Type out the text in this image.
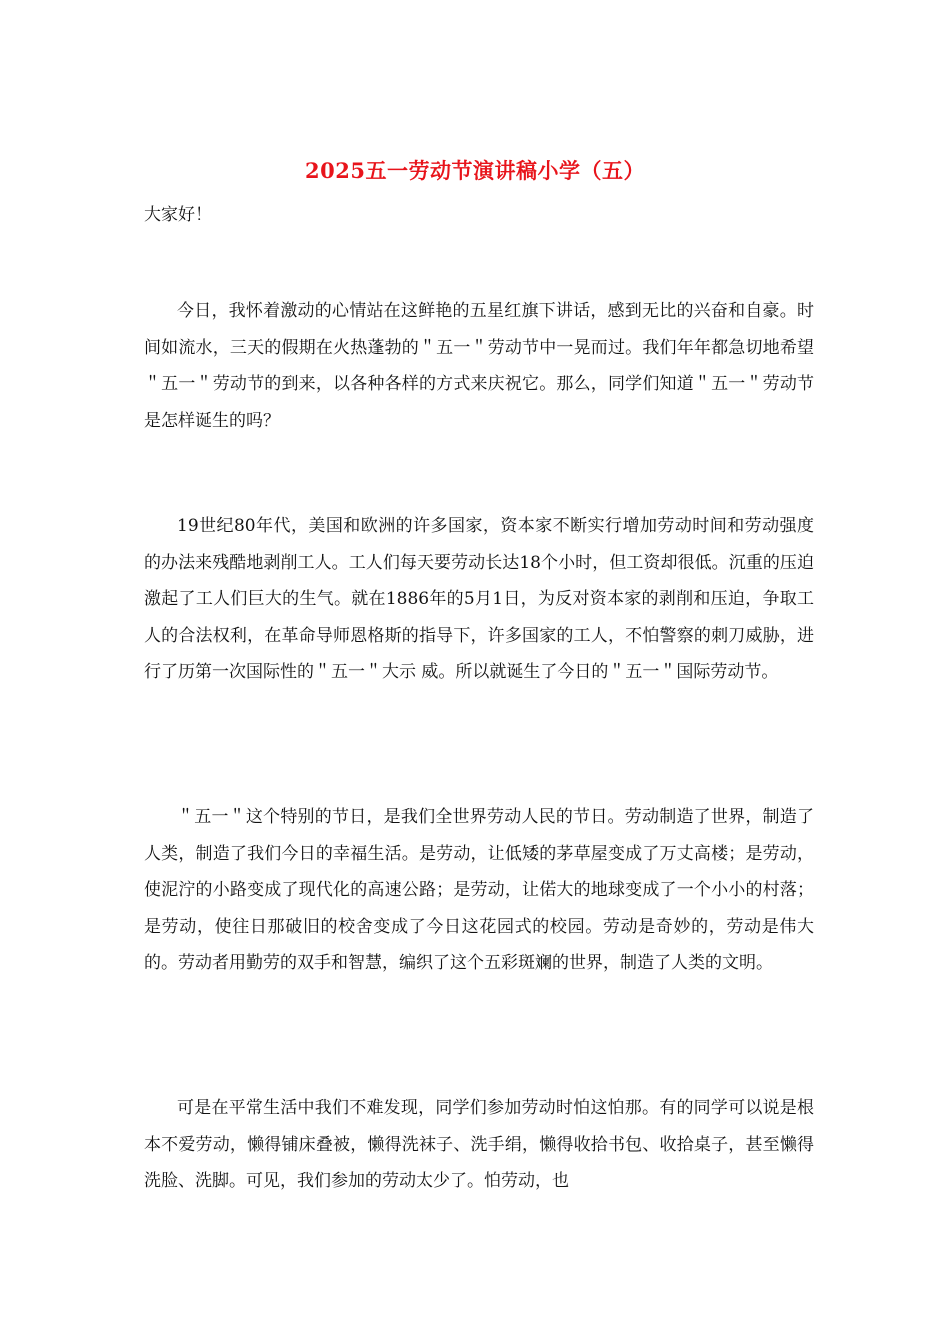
2025五一劳动节演讲稿小学（五）
大家好！

今日，我怀着激动的心情站在这鲜艳的五星红旗下讲话，感到无比的兴奋和自豪。时间如流水，三天的假期在火热蓬勃的＂五一＂劳动节中一晃而过。我们年年都急切地希望＂五一＂劳动节的到来，以各种各样的方式来庆祝它。那么，同学们知道＂五一＂劳动节是怎样诞生的吗？

19世纪80年代，美国和欧洲的许多国家，资本家不断实行增加劳动时间和劳动强度的办法来残酷地剥削工人。工人们每天要劳动长达18个小时，但工资却很低。沉重的压迫激起了工人们巨大的生气。就在1886年的5月1日，为反对资本家的剥削和压迫，争取工人的合法权利，在革命导师恩格斯的指导下，许多国家的工人，不怕警察的刺刀威胁，进行了历第一次国际性的＂五一＂大示 威。所以就诞生了今日的＂五一＂国际劳动节。

＂五一＂这个特别的节日，是我们全世界劳动人民的节日。劳动制造了世界，制造了人类，制造了我们今日的幸福生活。是劳动，让低矮的茅草屋变成了万丈高楼；是劳动，使泥泞的小路变成了现代化的高速公路；是劳动，让偌大的地球变成了一个小小的村落；是劳动，使往日那破旧的校舍变成了今日这花园式的校园。劳动是奇妙的，劳动是伟大的。劳动者用勤劳的双手和智慧，编织了这个五彩斑斓的世界，制造了人类的文明。

可是在平常生活中我们不难发现，同学们参加劳动时怕这怕那。有的同学可以说是根本不爱劳动，懒得铺床叠被，懒得洗袜子、洗手绢，懒得收拾书包、收拾桌子，甚至懒得洗脸、洗脚。可见，我们参加的劳动太少了。怕劳动，也
